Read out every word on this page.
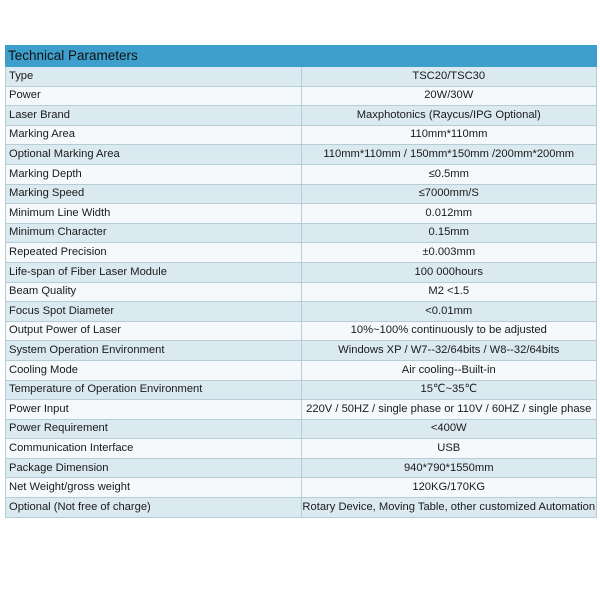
Technical Parameters	
Type	TSC20/TSC30
Power	20W/30W
Laser Brand	Maxphotonics (Raycus/IPG Optional)
Marking Area	110mm*110mm
Optional Marking Area	110mm*110mm / 150mm*150mm /200mm*200mm
Marking Depth	≤0.5mm
Marking Speed	≤7000mm/S
Minimum Line Width	0.012mm
Minimum Character	0.15mm
Repeated Precision	±0.003mm
Life-span of Fiber Laser Module	100 000hours
Beam Quality	M2 <1.5
Focus Spot Diameter	<0.01mm
Output Power of Laser	10%~100% continuously to be adjusted
System Operation Environment	Windows XP / W7--32/64bits / W8--32/64bits
Cooling Mode	Air cooling--Built-in
Temperature of Operation Environment	15℃~35℃
Power Input	220V / 50HZ / single phase or 110V / 60HZ / single phase
Power Requirement	<400W
Communication Interface	USB
Package Dimension	940*790*1550mm
Net Weight/gross weight	120KG/170KG
Optional (Not free of charge)	Rotary Device, Moving Table, other customized Automation
